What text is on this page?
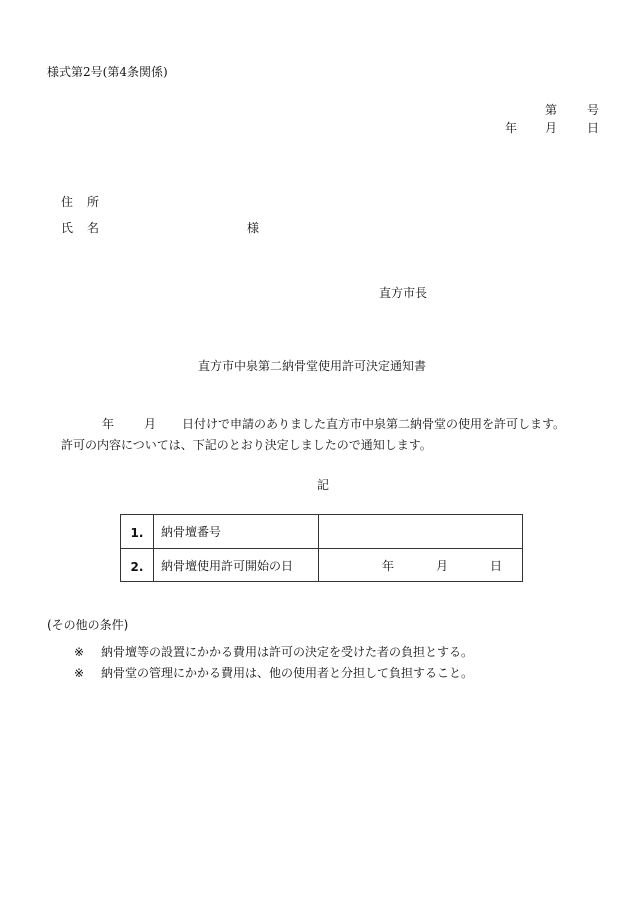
様式第2号(第4条関係)
第 号
年 月 日
住 所
氏 名	様
直方市長
直方市中泉第二納骨堂使用許可決定通知書
年 月 日付けで申請のありました直方市中泉第二納骨堂の使用を許可します。
許可の内容については、下記のとおり決定しましたので通知します。
記
1.	納骨壇番号
2.	納骨壇使用許可開始の日	年	月	日
(その他の条件)
※ 納骨壇等の設置にかかる費用は許可の決定を受けた者の負担とする。
※ 納骨堂の管理にかかる費用は、他の使用者と分担して負担すること。
